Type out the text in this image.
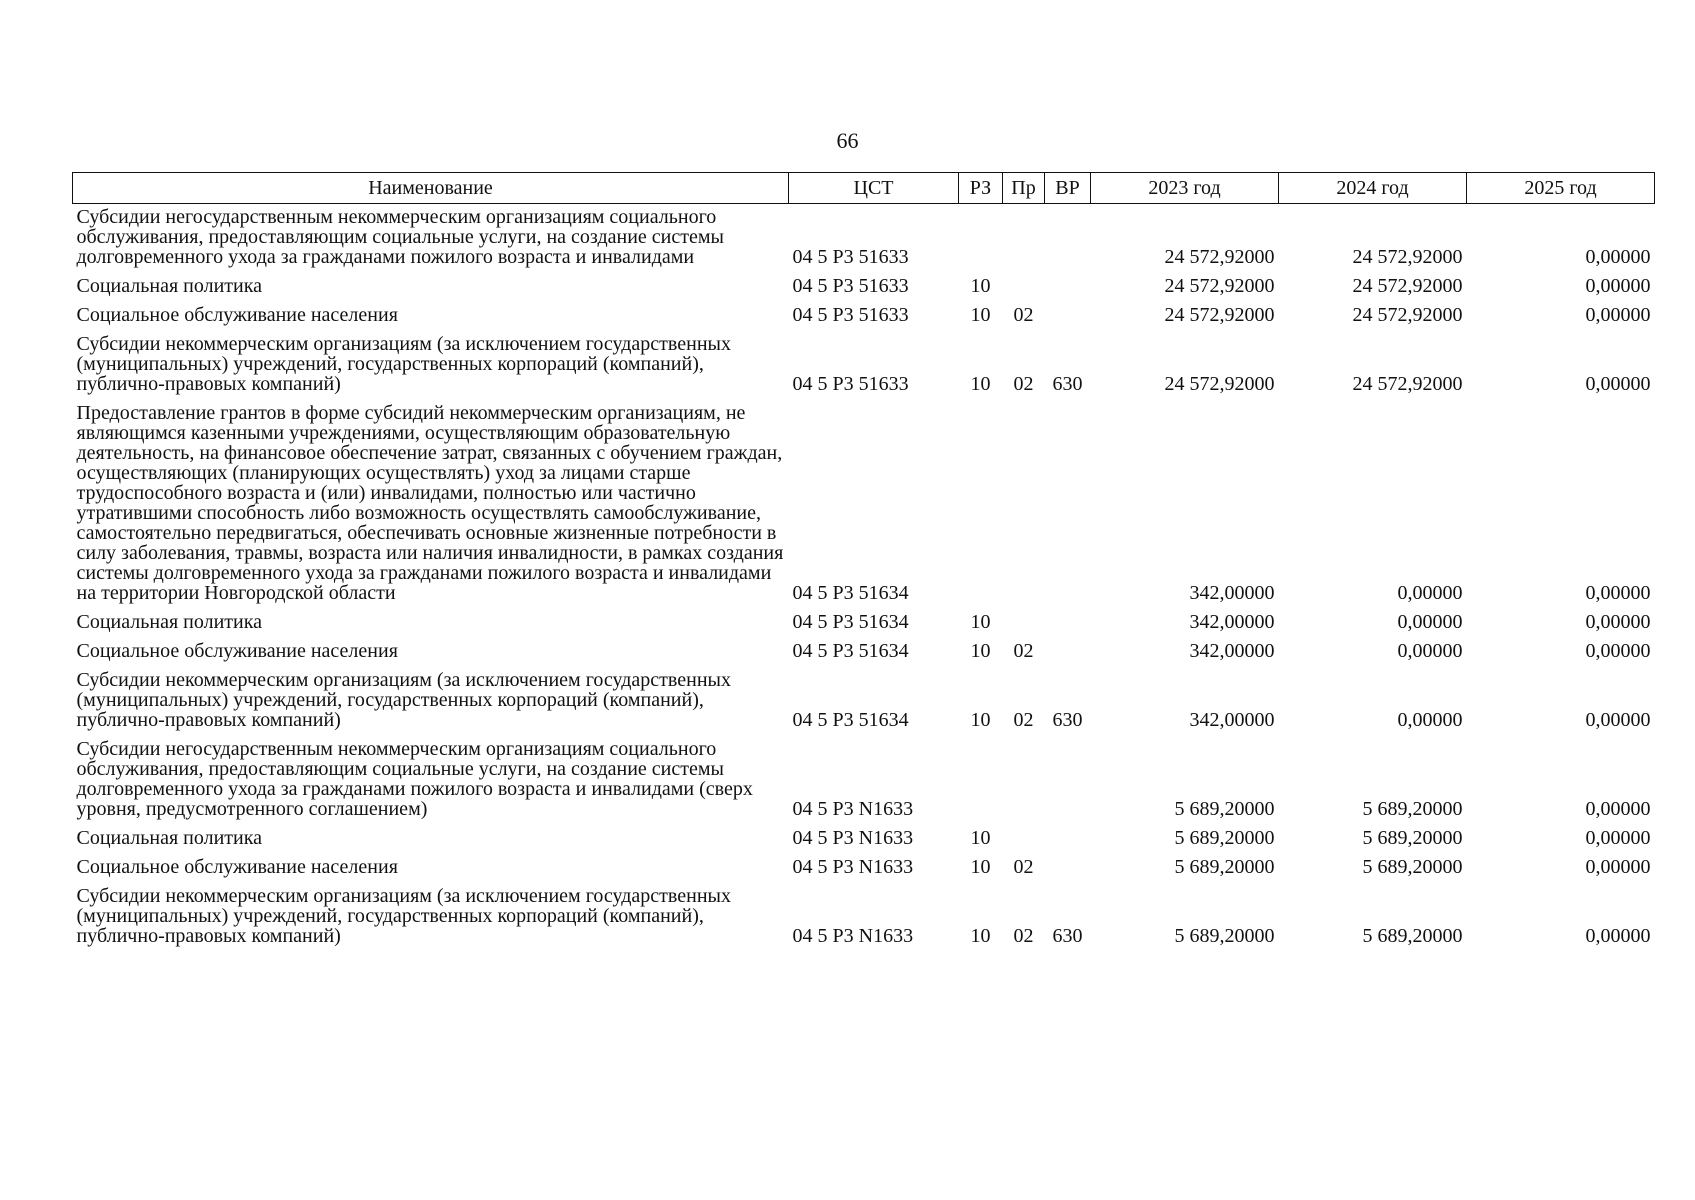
66
Наименование	ЦСТ	РЗ	Пр	ВР	2023 год	2024 год	2025 год
Субсидии негосударственным некоммерческим организациям социального обслуживания, предоставляющим социальные услуги, на создание системы долговременного ухода за гражданами пожилого возраста и инвалидами	04 5 Р3 51633				24 572,92000	24 572,92000	0,00000
Социальная политика	04 5 Р3 51633	10			24 572,92000	24 572,92000	0,00000
Социальное обслуживание населения	04 5 Р3 51633	10	02		24 572,92000	24 572,92000	0,00000
Субсидии некоммерческим организациям (за исключением государственных (муниципальных) учреждений, государственных корпораций (компаний), публично-правовых компаний)	04 5 Р3 51633	10	02	630	24 572,92000	24 572,92000	0,00000
Предоставление грантов в форме субсидий некоммерческим организациям, не являющимся казенными учреждениями, осуществляющим образовательную деятельность, на финансовое обеспечение затрат, связанных с обучением граждан, осуществляющих (планирующих осуществлять) уход за лицами старше трудоспособного возраста и (или) инвалидами, полностью или частично утратившими способность либо возможность осуществлять самообслуживание, самостоятельно передвигаться, обеспечивать основные жизненные потребности в силу заболевания, травмы, возраста или наличия инвалидности, в рамках создания системы долговременного ухода за гражданами пожилого возраста и инвалидами на территории Новгородской области	04 5 Р3 51634				342,00000	0,00000	0,00000
Социальная политика	04 5 Р3 51634	10			342,00000	0,00000	0,00000
Социальное обслуживание населения	04 5 Р3 51634	10	02		342,00000	0,00000	0,00000
Субсидии некоммерческим организациям (за исключением государственных (муниципальных) учреждений, государственных корпораций (компаний), публично-правовых компаний)	04 5 Р3 51634	10	02	630	342,00000	0,00000	0,00000
Субсидии негосударственным некоммерческим организациям социального обслуживания, предоставляющим социальные услуги, на создание системы долговременного ухода за гражданами пожилого возраста и инвалидами (сверх уровня, предусмотренного соглашением)	04 5 Р3 N1633				5 689,20000	5 689,20000	0,00000
Социальная политика	04 5 Р3 N1633	10			5 689,20000	5 689,20000	0,00000
Социальное обслуживание населения	04 5 Р3 N1633	10	02		5 689,20000	5 689,20000	0,00000
Субсидии некоммерческим организациям (за исключением государственных (муниципальных) учреждений, государственных корпораций (компаний), публично-правовых компаний)	04 5 Р3 N1633	10	02	630	5 689,20000	5 689,20000	0,00000
